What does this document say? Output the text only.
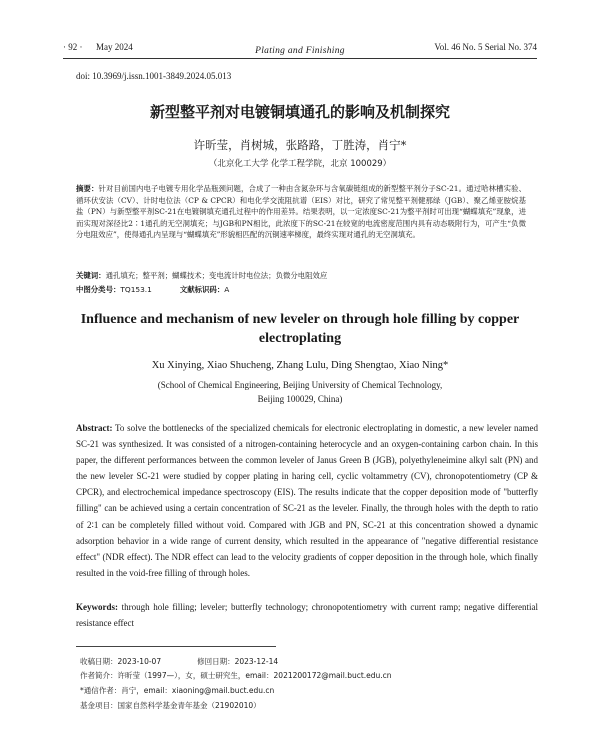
· 92 · May 2024	Plating and Finishing	Vol. 46 No. 5 Serial No. 374
doi: 10.3969/j.issn.1001-3849.2024.05.013
新型整平剂对电镀铜填通孔的影响及机制探究
许昕莹，肖树城，张路路，丁胜涛，肖宁*
（北京化工大学 化学工程学院，北京 100029）
摘要：针对目前国内电子电镀专用化学品瓶颈问题，合成了一种由含氮杂环与含氧碳链组成的新型整平剂分子SC-21。通过哈林槽实验、循环伏安法（CV）、计时电位法（CP & CPCR）和电化学交流阻抗谱（EIS）对比，研究了常见整平剂健那绿（JGB）、聚乙烯亚胺烷基盐（PN）与新型整平剂SC-21在电镀铜填充通孔过程中的作用差异。结果表明，以一定浓度SC-21为整平剂时可出现“蝴蝶填充”现象，进而实现对深径比2∶1通孔的无空洞填充；与JGB和PN相比，此浓度下的SC-21在较宽的电流密度范围内具有动态吸附行为，可产生“负微分电阻效应”，使得通孔内呈现与“蝴蝶填充”形貌相匹配的沉铜速率梯度，最终实现对通孔的无空洞填充。
关键词：通孔填充；整平剂；蝴蝶技术；变电流计时电位法；负微分电阻效应
中图分类号：TQ153.1	文献标识码：A
Influence and mechanism of new leveler on through hole filling by copper electroplating
Xu Xinying, Xiao Shucheng, Zhang Lulu, Ding Shengtao, Xiao Ning*
(School of Chemical Engineering, Beijing University of Chemical Technology,
Beijing 100029, China)
Abstract: To solve the bottlenecks of the specialized chemicals for electronic electroplating in domestic, a new leveler named SC-21 was synthesized. It was consisted of a nitrogen-containing heterocycle and an oxygen-containing carbon chain. In this paper, the different performances between the common leveler of Janus Green B (JGB), polyethyleneimine alkyl salt (PN) and the new leveler SC-21 were studied by copper plating in haring cell, cyclic voltammetry (CV), chronopotentiometry (CP & CPCR), and electrochemical impedance spectroscopy (EIS). The results indicate that the copper deposition mode of "butterfly filling" can be achieved using a certain concentration of SC-21 as the leveler. Finally, the through holes with the depth to ratio of 2∶1 can be completely filled without void. Compared with JGB and PN, SC-21 at this concentration showed a dynamic adsorption behavior in a wide range of current density, which resulted in the appearance of "negative differential resistance effect" (NDR effect). The NDR effect can lead to the velocity gradients of copper deposition in the through hole, which finally resulted in the void-free filling of through holes.
Keywords: through hole filling; leveler; butterfly technology; chronopotentiometry with current ramp; negative differential resistance effect
收稿日期：2023-10-07	修回日期：2023-12-14
作者简介：许昕莹（1997—），女，硕士研究生，email：2021200172@mail.buct.edu.cn
*通信作者：肖宁，email：xiaoning@mail.buct.edu.cn
基金项目：国家自然科学基金青年基金（21902010）
